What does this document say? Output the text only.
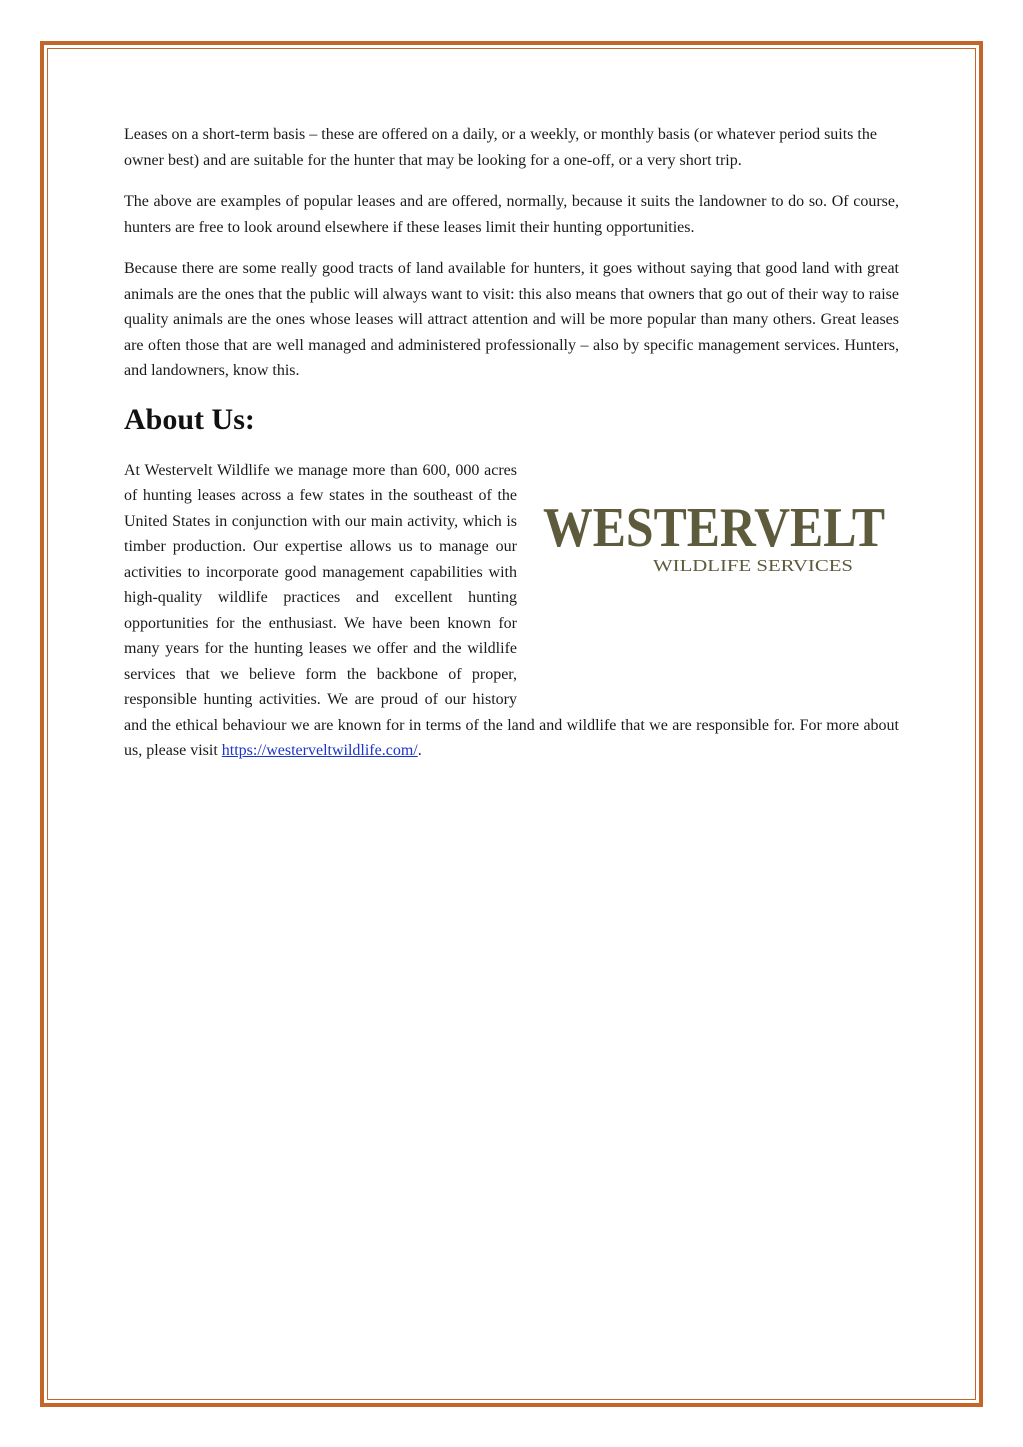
Leases on a short-term basis – these are offered on a daily, or a weekly, or monthly basis (or whatever period suits the owner best) and are suitable for the hunter that may be looking for a one-off, or a very short trip.

The above are examples of popular leases and are offered, normally, because it suits the landowner to do so. Of course, hunters are free to look around elsewhere if these leases limit their hunting opportunities.

Because there are some really good tracts of land available for hunters, it goes without saying that good land with great animals are the ones that the public will always want to visit: this also means that owners that go out of their way to raise quality animals are the ones whose leases will attract attention and will be more popular than many others. Great leases are often those that are well managed and administered professionally – also by specific management services. Hunters, and landowners, know this.

About Us:
WESTERVELT
WILDLIFE SERVICES
At Westervelt Wildlife we manage more than 600, 000 acres of hunting leases across a few states in the southeast of the United States in conjunction with our main activity, which is timber production. Our expertise allows us to manage our activities to incorporate good management capabilities with high-quality wildlife practices and excellent hunting opportunities for the enthusiast. We have been known for many years for the hunting leases we offer and the wildlife services that we believe form the backbone of proper, responsible hunting activities. We are proud of our history and the ethical behaviour we are known for in terms of the land and wildlife that we are responsible for. For more about us, please visit https://westerveltwildlife.com/.
